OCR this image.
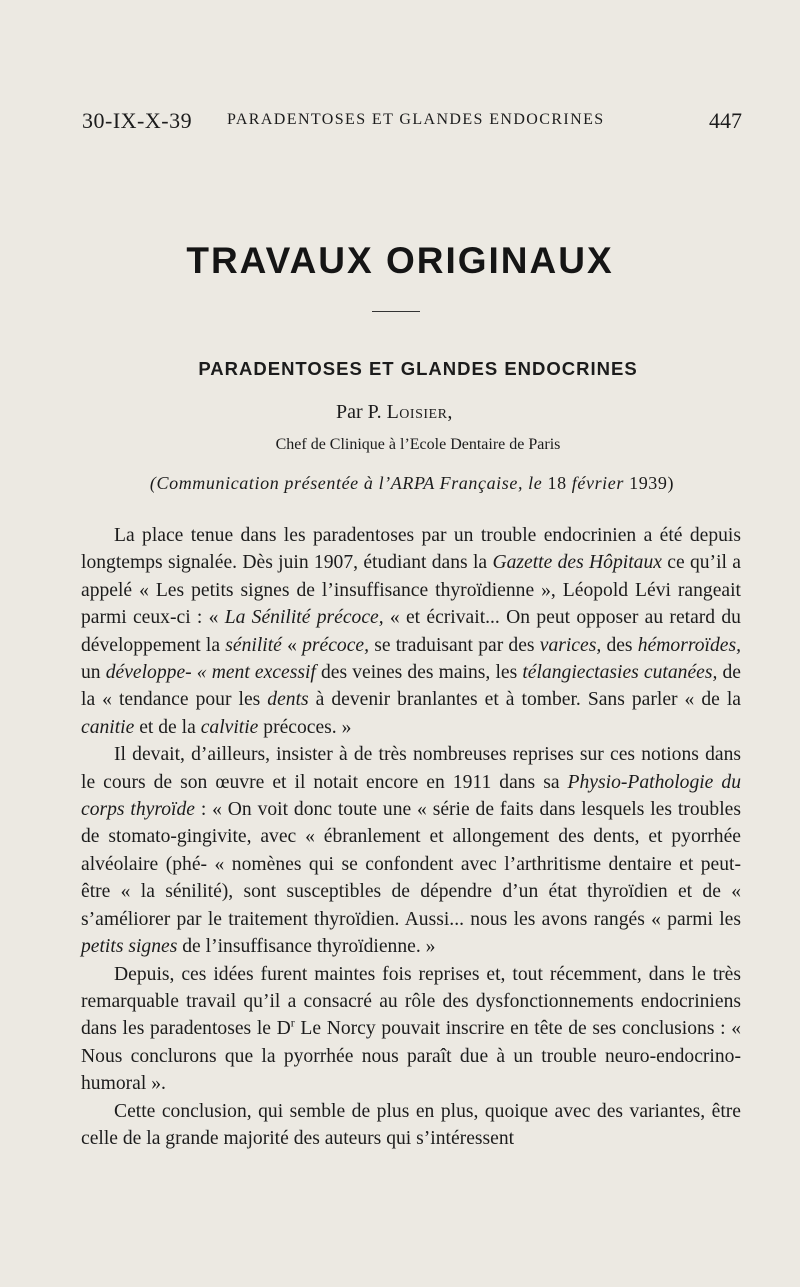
30-IX-X-39 PARADENTOSES ET GLANDES ENDOCRINES	447
TRAVAUX ORIGINAUX
PARADENTOSES ET GLANDES ENDOCRINES
Par P. Loisier,
Chef de Clinique à l’Ecole Dentaire de Paris
(Communication présentée à l’ARPA Française, le 18 février 1939)

La place tenue dans les paradentoses par un trouble endocrinien a été depuis longtemps signalée. Dès juin 1907, étudiant dans la Gazette des Hôpitaux ce qu’il a appelé « Les petits signes de l’insuffisance thyroïdienne », Léopold Lévi rangeait parmi ceux-ci : « La Sénilité précoce, « et écrivait... On peut opposer au retard du développement la sénilité « précoce, se traduisant par des varices, des hémorroïdes, un développe- « ment excessif des veines des mains, les télangiectasies cutanées, de la « tendance pour les dents à devenir branlantes et à tomber. Sans parler « de la canitie et de la calvitie précoces. »

Il devait, d’ailleurs, insister à de très nombreuses reprises sur ces notions dans le cours de son œuvre et il notait encore en 1911 dans sa Physio-Pathologie du corps thyroïde : « On voit donc toute une « série de faits dans lesquels les troubles de stomato-gingivite, avec « ébranlement et allongement des dents, et pyorrhée alvéolaire (phé- « nomènes qui se confondent avec l’arthritisme dentaire et peut-être « la sénilité), sont susceptibles de dépendre d’un état thyroïdien et de « s’améliorer par le traitement thyroïdien. Aussi... nous les avons rangés « parmi les petits signes de l’insuffisance thyroïdienne. »

Depuis, ces idées furent maintes fois reprises et, tout récemment, dans le très remarquable travail qu’il a consacré au rôle des dysfonctionnements endocriniens dans les paradentoses le $D^r$ Le Norcy pouvait inscrire en tête de ses conclusions : « Nous conclurons que la pyorrhée nous paraît due à un trouble neuro-endocrino-humoral ».

Cette conclusion, qui semble de plus en plus, quoique avec des variantes, être celle de la grande majorité des auteurs qui s’intéressent
